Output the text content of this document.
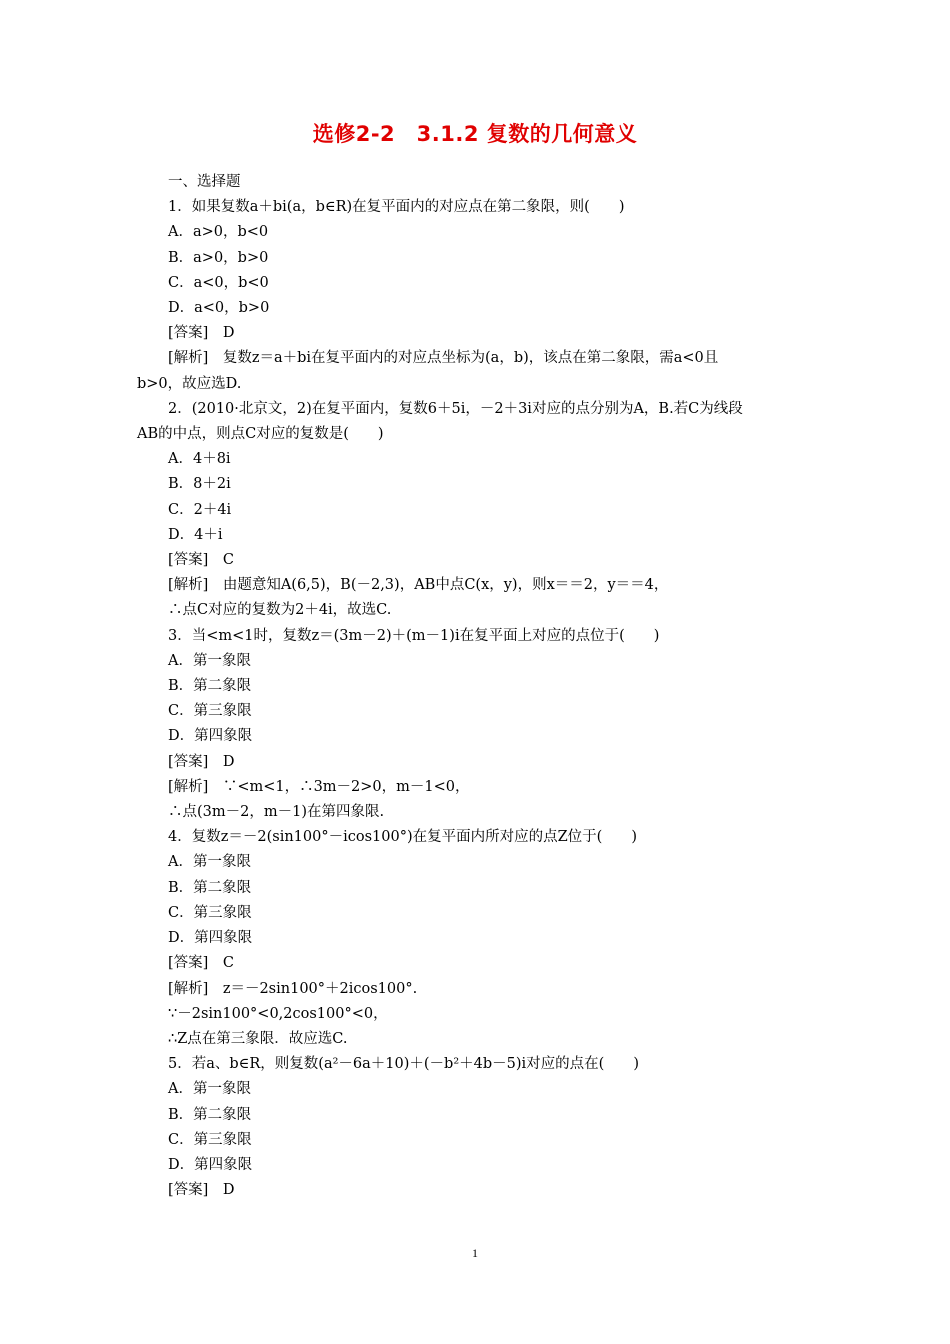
选修2-2　3.1.2 复数的几何意义
一、选择题
1．如果复数a＋bi(a，b∈R)在复平面内的对应点在第二象限，则(　　)
A．a>0，b<0
B．a>0，b>0
C．a<0，b<0
D．a<0，b>0
[答案]　D
[解析]　复数z＝a＋bi在复平面内的对应点坐标为(a，b)，该点在第二象限，需a<0且
b>0，故应选D.
2．(2010·北京文，2)在复平面内，复数6＋5i，－2＋3i对应的点分别为A，B.若C为线段
AB的中点，则点C对应的复数是(　　)
A．4＋8i
B．8＋2i
C．2＋4i
D．4＋i
[答案]　C
[解析]　由题意知A(6,5)，B(－2,3)，AB中点C(x，y)，则x＝＝2，y＝＝4，
∴点C对应的复数为2＋4i，故选C.
3．当<m<1时，复数z＝(3m－2)＋(m－1)i在复平面上对应的点位于(　　)
A．第一象限
B．第二象限
C．第三象限
D．第四象限
[答案]　D
[解析]　∵<m<1，∴3m－2>0，m－1<0，
∴点(3m－2，m－1)在第四象限.
4．复数z＝－2(sin100°－icos100°)在复平面内所对应的点Z位于(　　)
A．第一象限
B．第二象限
C．第三象限
D．第四象限
[答案]　C
[解析]　z＝－2sin100°＋2icos100°.
∵－2sin100°<0,2cos100°<0，
∴Z点在第三象限．故应选C.
5．若a、b∈R，则复数(a²－6a＋10)＋(－b²＋4b－5)i对应的点在(　　)
A．第一象限
B．第二象限
C．第三象限
D．第四象限
[答案]　D
1
